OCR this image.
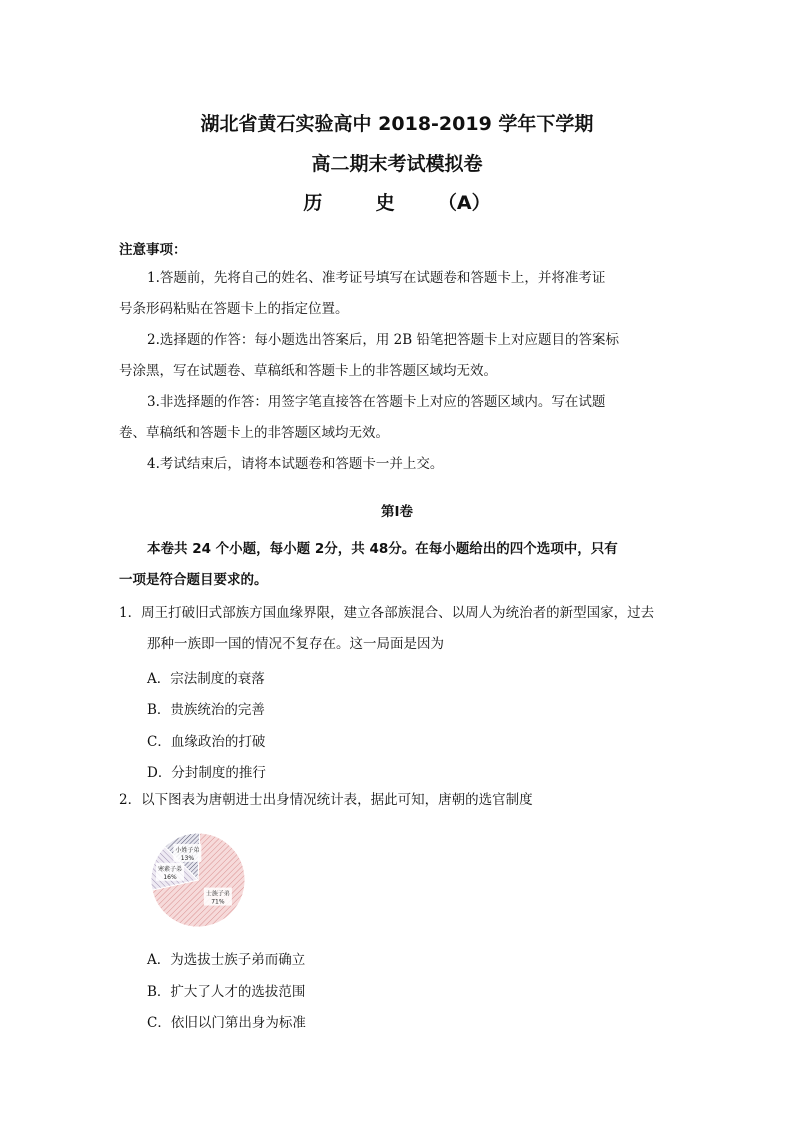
湖北省黄石实验高中 2018-2019 学年下学期
高二期末考试模拟卷
历	史 （A）
注意事项：
1.答题前，先将自己的姓名、准考证号填写在试题卷和答题卡上，并将准考证
号条形码粘贴在答题卡上的指定位置。
2.选择题的作答：每小题选出答案后，用 2B 铅笔把答题卡上对应题目的答案标
号涂黑，写在试题卷、草稿纸和答题卡上的非答题区域均无效。
3.非选择题的作答：用签字笔直接答在答题卡上对应的答题区域内。写在试题
卷、草稿纸和答题卡上的非答题区域均无效。
4.考试结束后，请将本试题卷和答题卡一并上交。
第Ⅰ卷
本卷共 24 个小题，每小题 2分，共 48分。在每小题给出的四个选项中，只有
一项是符合题目要求的。
1．周王打破旧式部族方国血缘界限，建立各部族混合、以周人为统治者的新型国家，过去
那种一族即一国的情况不复存在。这一局面是因为
A．宗法制度的衰落
B．贵族统治的完善
C．血缘政治的打破
D．分封制度的推行
2．以下图表为唐朝进士出身情况统计表，据此可知，唐朝的选官制度
士族子弟
71%
寒素子弟
16%
小姓子弟
13%
A．为选拔士族子弟而确立
B．扩大了人才的选拔范围
C．依旧以门第出身为标准
